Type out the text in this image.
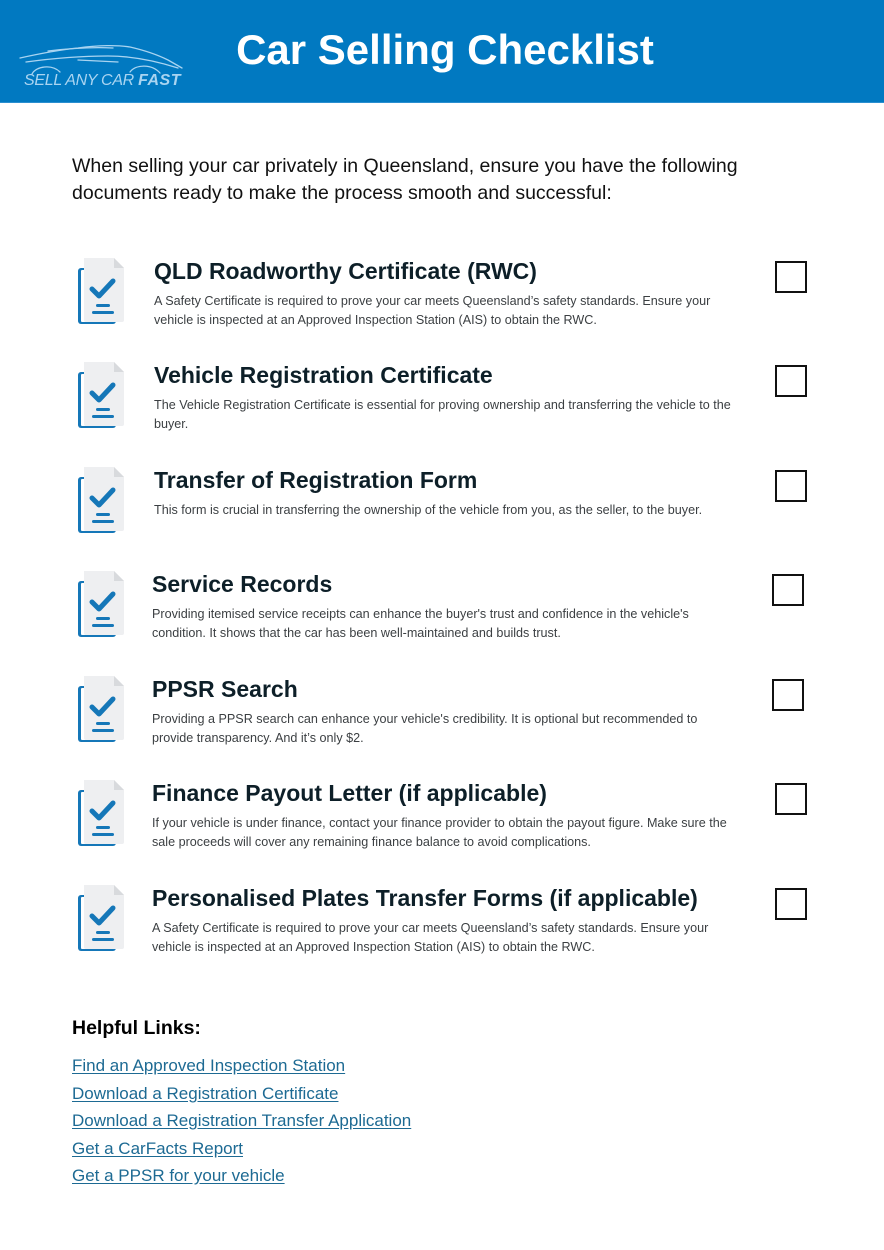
SELL ANY CAR FAST
Car Selling Checklist

When selling your car privately in Queensland, ensure you have the following documents ready to make the process smooth and successful:

QLD Roadworthy Certificate (RWC)
A Safety Certificate is required to prove your car meets Queensland’s safety standards. Ensure your vehicle is inspected at an Approved Inspection Station (AIS) to obtain the RWC.
Vehicle Registration Certificate
The Vehicle Registration Certificate is essential for proving ownership and transferring the vehicle to the buyer.
Transfer of Registration Form
This form is crucial in transferring the ownership of the vehicle from you, as the seller, to the buyer.
Service Records
Providing itemised service receipts can enhance the buyer's trust and confidence in the vehicle's condition. It shows that the car has been well-maintained and builds trust.
PPSR Search
Providing a PPSR search can enhance your vehicle's credibility. It is optional but recommended to provide transparency. And it’s only $2.
Finance Payout Letter (if applicable)
If your vehicle is under finance, contact your finance provider to obtain the payout figure. Make sure the sale proceeds will cover any remaining finance balance to avoid complications.
Personalised Plates Transfer Forms (if applicable)
A Safety Certificate is required to prove your car meets Queensland’s safety standards. Ensure your vehicle is inspected at an Approved Inspection Station (AIS) to obtain the RWC.
Helpful Links:
Find an Approved Inspection Station
Download a Registration Certificate
Download a Registration Transfer Application
Get a CarFacts Report
Get a PPSR for your vehicle
